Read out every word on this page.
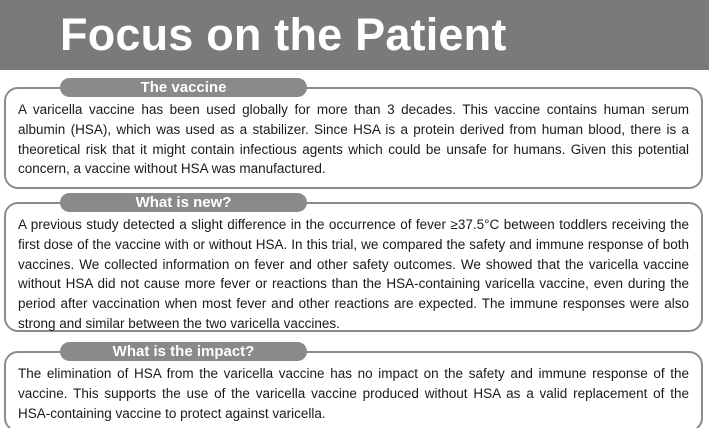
Focus on the Patient

A varicella vaccine has been used globally for more than 3 decades. This vaccine contains human serum albumin (HSA), which was used as a stabilizer. Since HSA is a protein derived from human blood, there is a theoretical risk that it might contain infectious agents which could be unsafe for humans. Given this potential concern, a vaccine without HSA was manufactured.

The vaccine

A previous study detected a slight difference in the occurrence of fever ≥37.5°C between toddlers receiving the first dose of the vaccine with or without HSA. In this trial, we compared the safety and immune response of both vaccines. We collected information on fever and other safety outcomes. We showed that the varicella vaccine without HSA did not cause more fever or reactions than the HSA-containing varicella vaccine, even during the period after vaccination when most fever and other reactions are expected. The immune responses were also strong and similar between the two varicella vaccines.

What is new?

The elimination of HSA from the varicella vaccine has no impact on the safety and immune response of the vaccine. This supports the use of the varicella vaccine produced without HSA as a valid replacement of the HSA-containing vaccine to protect against varicella.

What is the impact?
